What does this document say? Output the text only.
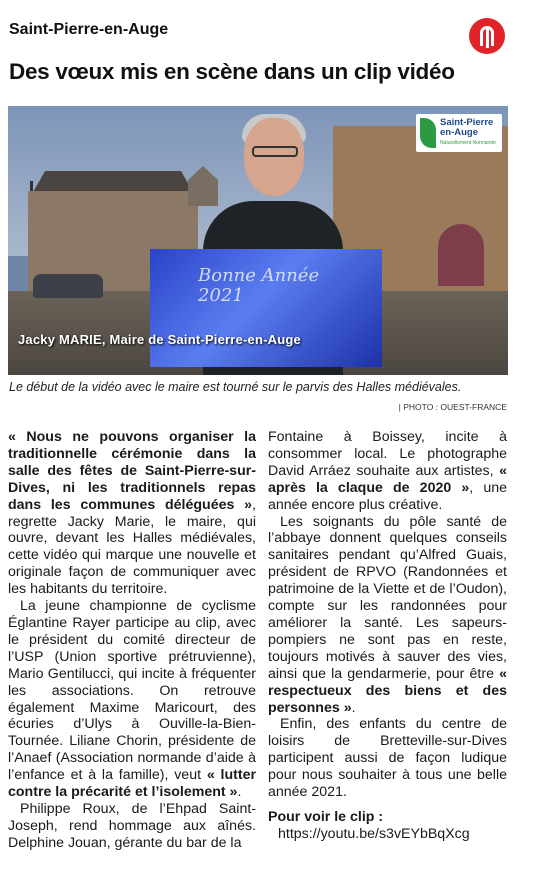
Saint-Pierre-en-Auge
Des vœux mis en scène dans un clip vidéo
Bonne Année 2021
Saint-Pierre en-Auge
Naturellement Normande
Jacky MARIE, Maire de Saint-Pierre-en-Auge
Le début de la vidéo avec le maire est tourné sur le parvis des Halles médiévales.
| PHOTO : OUEST-FRANCE

« Nous ne pouvons organiser la traditionnelle cérémonie dans la salle des fêtes de Saint-Pierre-sur-Dives, ni les traditionnels repas dans les communes déléguées », regrette Jacky Marie, le maire, qui ouvre, devant les Halles médiévales, cette vidéo qui marque une nouvelle et originale façon de communiquer avec les habitants du territoire.

La jeune championne de cyclisme Églantine Rayer participe au clip, avec le président du comité directeur de l’USP (Union sportive prétruvienne), Mario Gentilucci, qui incite à fréquenter les associations. On retrouve également Maxime Maricourt, des écuries d’Ulys à Ouville-la-Bien-Tournée. Liliane Chorin, présidente de l’Anaef (Association normande d’aide à l’enfance et à la famille), veut « lutter contre la précarité et l’isolement ».

Philippe Roux, de l’Ehpad Saint-Joseph, rend hommage aux aînés. Delphine Jouan, gérante du bar de la

Fontaine à Boissey, incite à consommer local. Le photographe David Arráez souhaite aux artistes, « après la claque de 2020 », une année encore plus créative.

Les soignants du pôle santé de l’abbaye donnent quelques conseils sanitaires pendant qu’Alfred Guais, président de RPVO (Randonnées et patrimoine de la Viette et de l’Oudon), compte sur les randonnées pour améliorer la santé. Les sapeurs-pompiers ne sont pas en reste, toujours motivés à sauver des vies, ainsi que la gendarmerie, pour être « respectueux des biens et des personnes ».

Enfin, des enfants du centre de loisirs de Bretteville-sur-Dives participent aussi de façon ludique pour nous souhaiter à tous une belle année 2021.

Pour voir le clip :

https://youtu.be/s3vEYbBqXcg
